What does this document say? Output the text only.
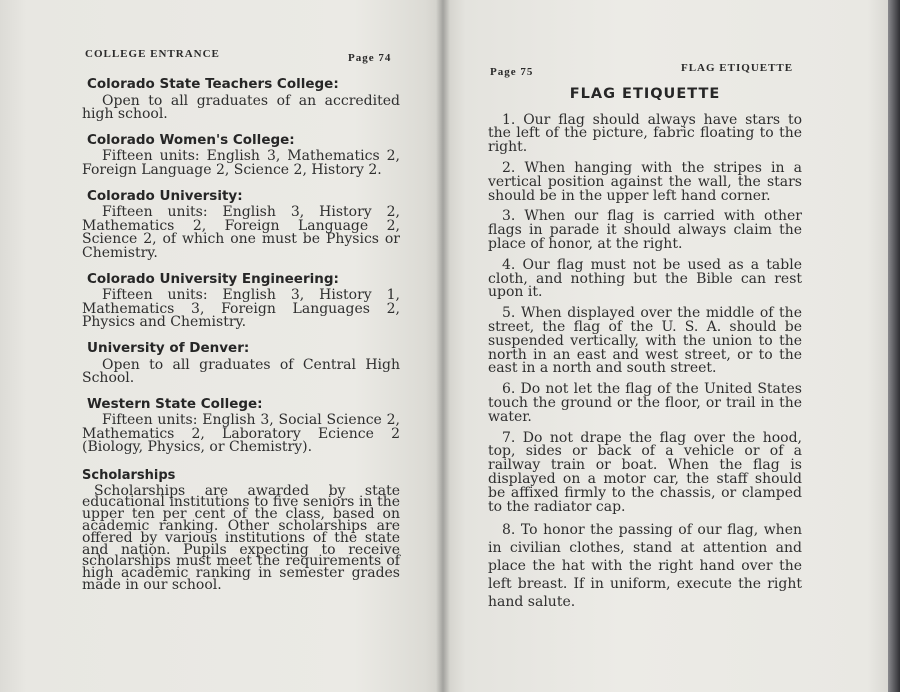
COLLEGE ENTRANCE	Page 74
Colorado State Teachers College:

Open to all graduates of an accredited high school.

Colorado Women's College:

Fifteen units: English 3, Mathematics 2, Foreign Language 2, Science 2, History 2.

Colorado University:

Fifteen units: English 3, History 2, Mathematics 2, Foreign Language 2, Science 2, of which one must be Physics or Chemistry.

Colorado University Engineering:

Fifteen units: English 3, History 1, Mathematics 3, Foreign Languages 2, Physics and Chemistry.

University of Denver:

Open to all graduates of Central High School.

Western State College:

Fifteen units: English 3, Social Science 2, Mathematics 2, Laboratory Ecience 2 (Biology, Physics, or Chemistry).

Scholarships

Scholarships are awarded by state educational institutions to five seniors in the upper ten per cent of the class, based on academic ranking. Other scholarships are offered by various institutions of the state and nation. Pupils expecting to receive scholarships must meet the requirements of high academic ranking in semester grades made in our school.

Page 75	FLAG ETIQUETTE
FLAG ETIQUETTE

1. Our flag should always have stars to the left of the picture, fabric floating to the right.

2. When hanging with the stripes in a vertical position against the wall, the stars should be in the upper left hand corner.

3. When our flag is carried with other flags in parade it should always claim the place of honor, at the right.

4. Our flag must not be used as a table cloth, and nothing but the Bible can rest upon it.

5. When displayed over the middle of the street, the flag of the U. S. A. should be suspended vertically, with the union to the north in an east and west street, or to the east in a north and south street.

6. Do not let the flag of the United States touch the ground or the floor, or trail in the water.

7. Do not drape the flag over the hood, top, sides or back of a vehicle or of a railway train or boat. When the flag is displayed on a motor car, the staff should be affixed firmly to the chassis, or clamped to the radiator cap.

8. To honor the passing of our flag, when in civilian clothes, stand at attention and place the hat with the right hand over the left breast. If in uniform, execute the right hand salute.
